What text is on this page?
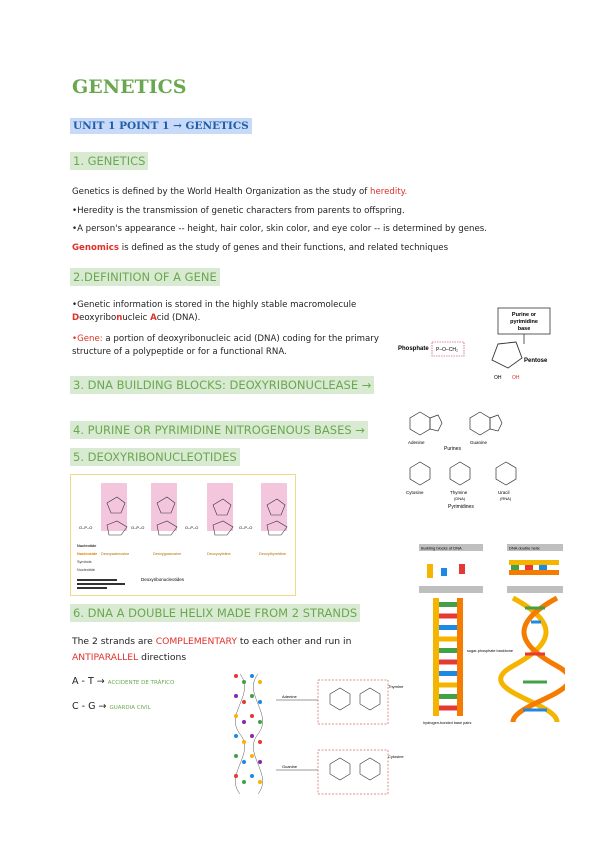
GENETICS
UNIT 1 POINT 1 → GENETICS
1. GENETICS
Genetics is defined by the World Health Organization as the study of heredity.
•Heredity is the transmission of genetic characters from parents to offspring.
•A person's appearance -- height, hair color, skin color, and eye color -- is determined by genes.
Genomics is defined as the study of genes and their functions, and related techniques
2.DEFINITION OF A GENE
•Genetic information is stored in the highly stable macromolecule
Deoxyribonucleic Acid (DNA).
•Gene: a portion of deoxyribonucleic acid (DNA) coding for the primary structure of a polypeptide or for a functional RNA.
Purine or pyrimidine base
Phosphate P–O–CH₂
Pentose
OH OH
3. DNA BUILDING BLOCKS: DEOXYRIBONUCLEASE →
Adenine	Guanine
Purines
Cytosine	Thymine
(DNA)
Uracil
(RNA)
Pyrimidines
4. PURINE OR PYRIMIDINE NITROGENOUS BASES →
5. DEOXYRIBONUCLEOTIDES
O–P–O	O–P–O	O–P–O	O–P–O
Nucleotide
Nucleoside
Symbols
Nucleotide
Deoxyadenosine	Deoxyguanosine	Deoxycytidine	Deoxythymidine
Deoxyribonucleotides
Building blocks of DNA	DNA double helix
sugar-phosphate backbone
hydrogen-bonded base pairs
6. DNA A DOUBLE HELIX MADE FROM 2 STRANDS
The 2 strands are COMPLEMENTARY to each other and run in
ANTIPARALLEL directions
A - T → ACCIDENTE DE TRÁFICO
C - G → GUARDIA CIVIL
Adenine
Thymine
Guanine
Cytosine
